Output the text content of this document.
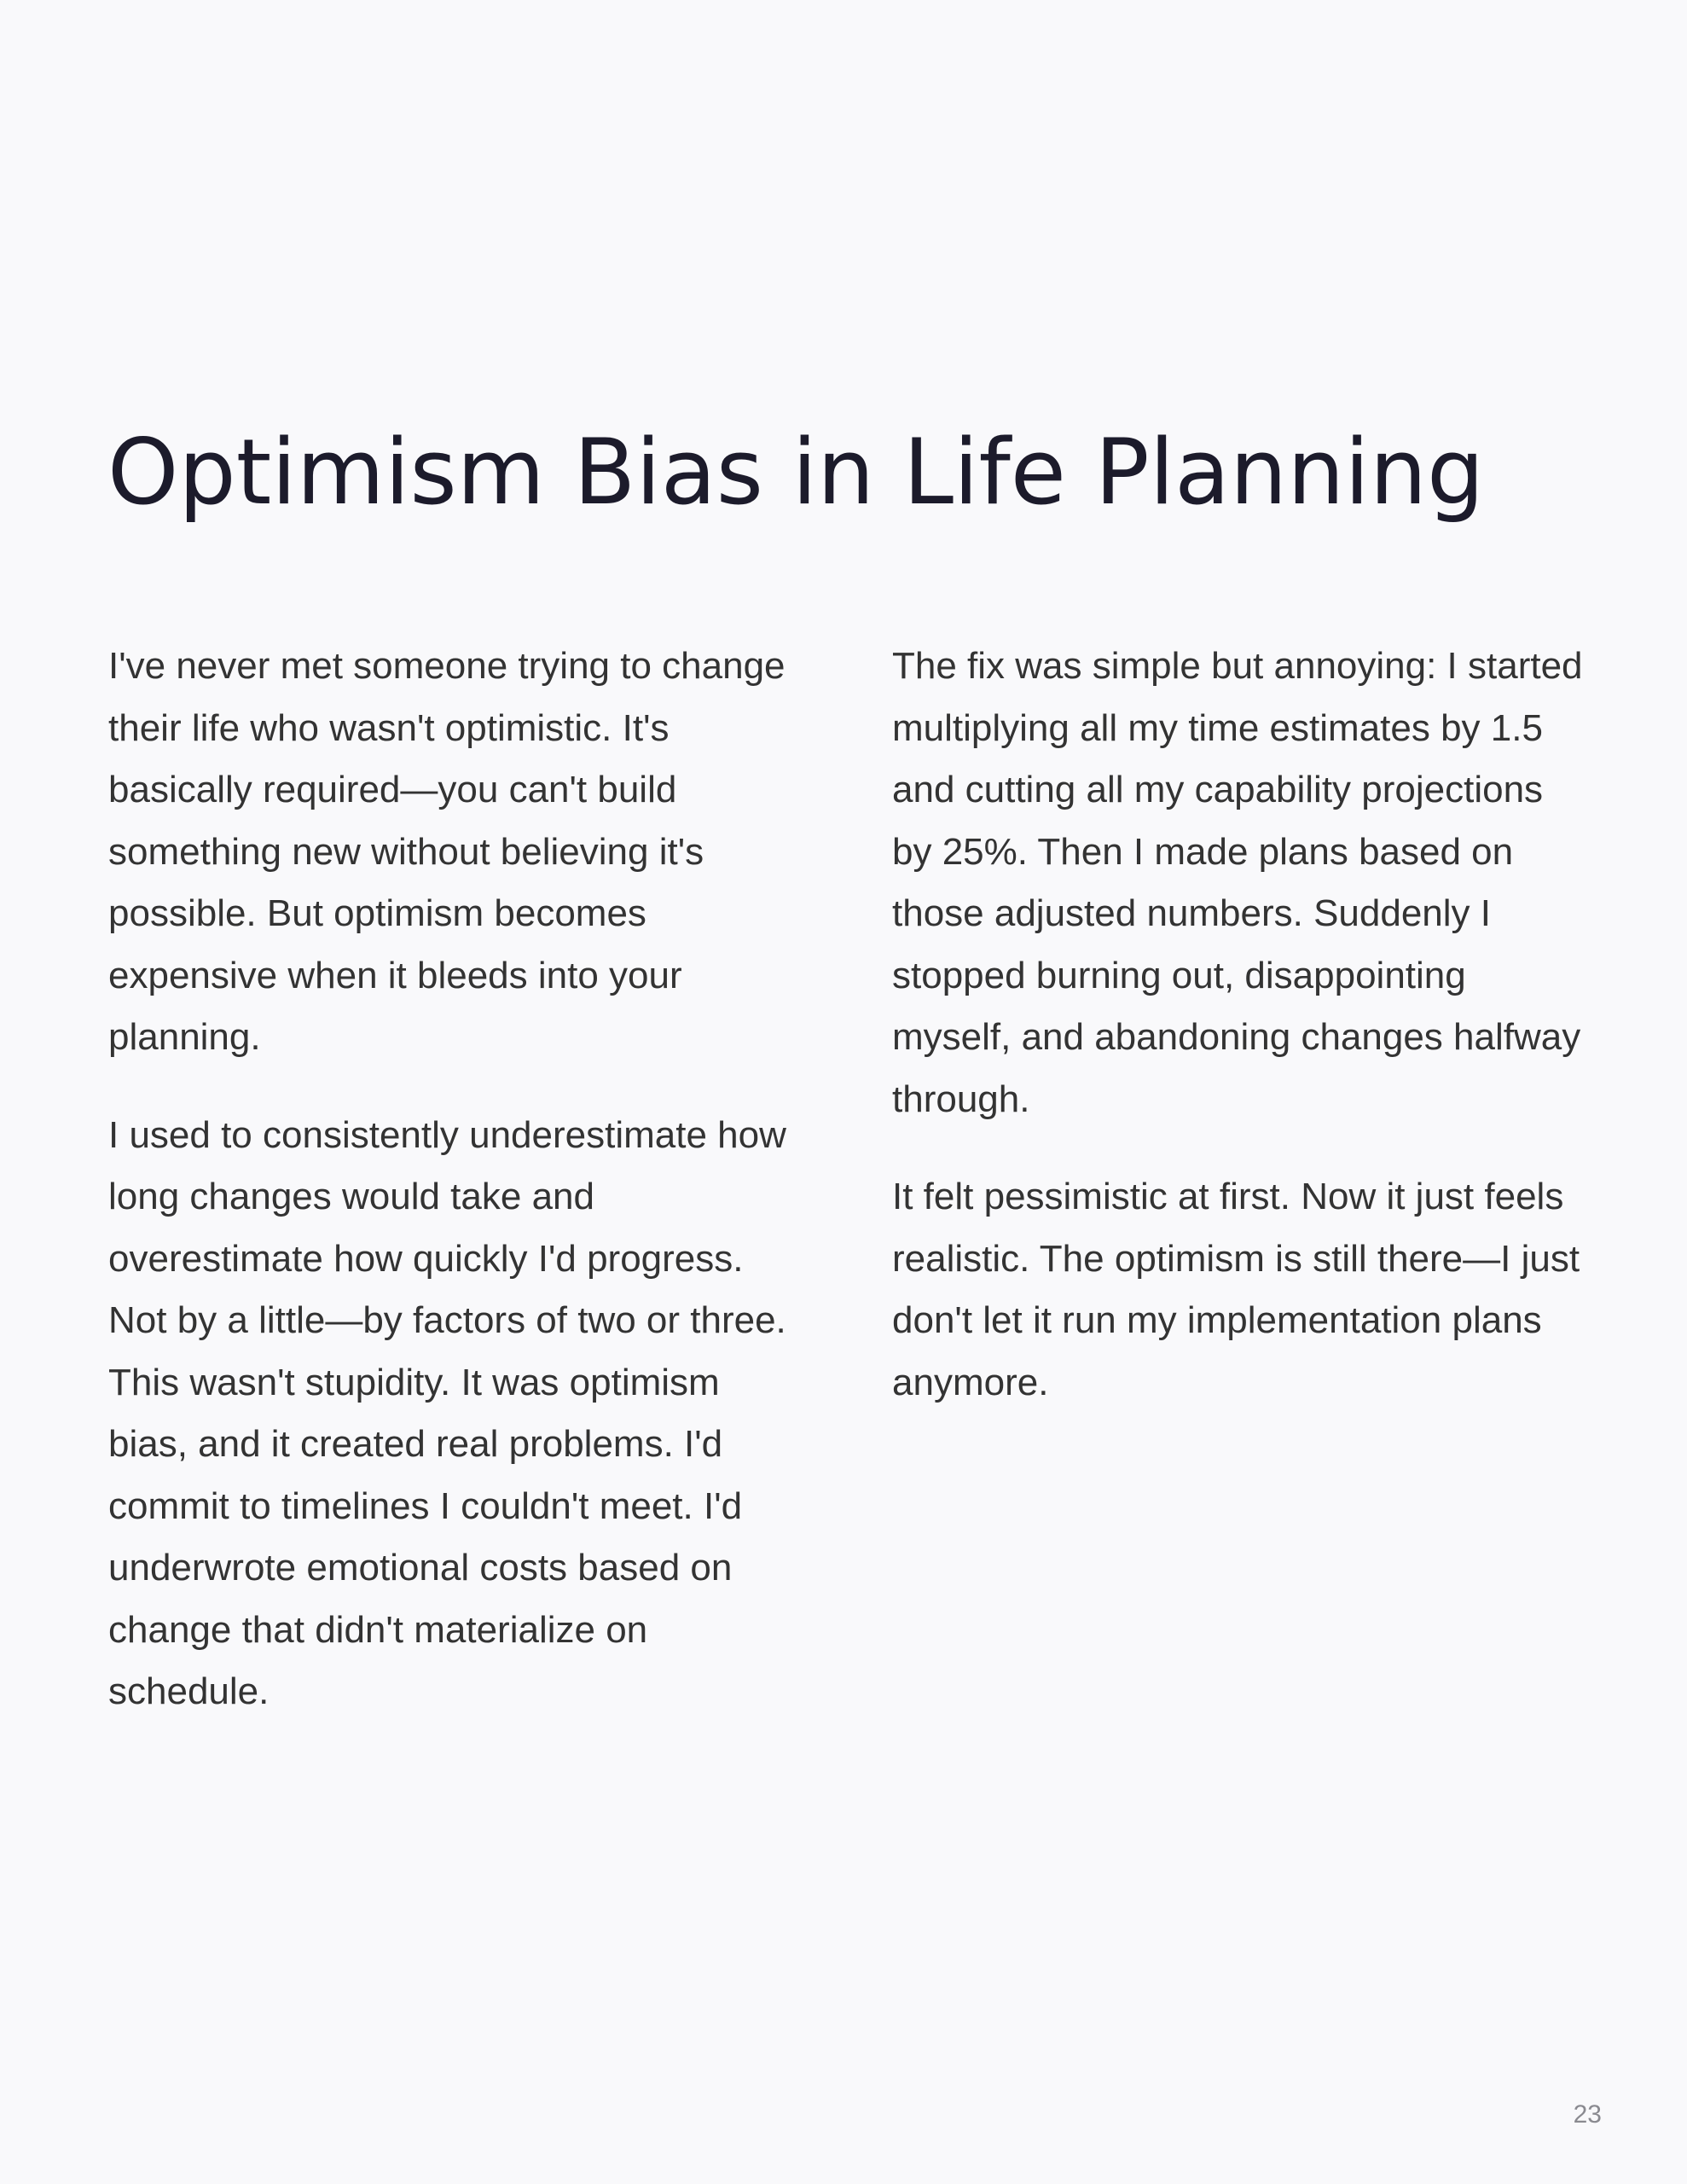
Optimism Bias in Life Planning

I've never met someone trying to change their life who wasn't optimistic. It's basically required—you can't build something new without believing it's possible. But optimism becomes expensive when it bleeds into your planning.

I used to consistently underestimate how long changes would take and overestimate how quickly I'd progress. Not by a little—by factors of two or three. This wasn't stupidity. It was optimism bias, and it created real problems. I'd commit to timelines I couldn't meet. I'd underwrote emotional costs based on change that didn't materialize on schedule.

The fix was simple but annoying: I started multiplying all my time estimates by 1.5 and cutting all my capability projections by 25%. Then I made plans based on those adjusted numbers. Suddenly I stopped burning out, disappointing myself, and abandoning changes halfway through.

It felt pessimistic at first. Now it just feels realistic. The optimism is still there—I just don't let it run my implementation plans anymore.

23
